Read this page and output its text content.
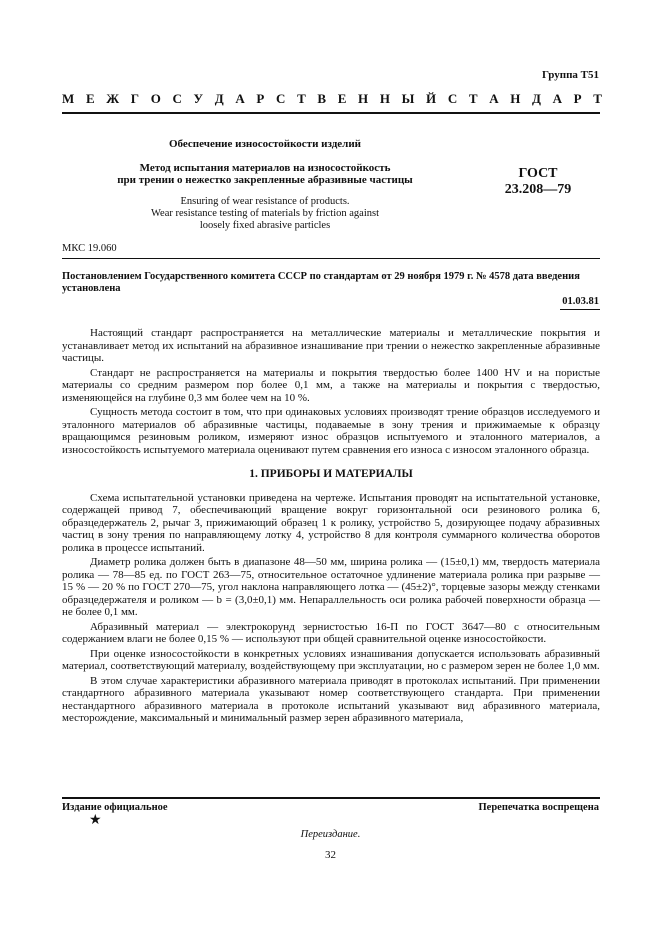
Группа Т51
М Е Ж Г О С У Д А Р С Т В Е Н Н Ы Й С Т А Н Д А Р Т
Обеспечение износостойкости изделий
Метод испытания материалов на износостойкость
при трении о нежестко закрепленные абразивные частицы
Ensuring of wear resistance of products.
Wear resistance testing of materials by friction against
loosely fixed abrasive particles
ГОСТ
23.208—79
МКС 19.060
Постановлением Государственного комитета СССР по стандартам от 29 ноября 1979 г. № 4578 дата введения установлена
01.03.81

Настоящий стандарт распространяется на металлические материалы и металлические покрытия и устанавливает метод их испытаний на абразивное изнашивание при трении о нежестко закрепленные абразивные частицы.

Стандарт не распространяется на материалы и покрытия твердостью более 1400 HV и на пористые материалы со средним размером пор более 0,1 мм, а также на материалы и покрытия с твердостью, изменяющейся на глубине 0,3 мм более чем на 10 %.

Сущность метода состоит в том, что при одинаковых условиях производят трение образцов исследуемого и эталонного материалов об абразивные частицы, подаваемые в зону трения и прижимаемые к образцу вращающимся резиновым роликом, измеряют износ образцов испытуемого и эталонного материалов, а износостойкость испытуемого материала оценивают путем сравнения его износа с износом эталонного образца.

1. ПРИБОРЫ И МАТЕРИАЛЫ

Схема испытательной установки приведена на чертеже. Испытания проводят на испытательной установке, содержащей привод 7, обеспечивающий вращение вокруг горизонтальной оси резинового ролика 6, образцедержатель 2, рычаг 3, прижимающий образец 1 к ролику, устройство 5, дозирующее подачу абразивных частиц в зону трения по направляющему лотку 4, устройство 8 для контроля суммарного количества оборотов ролика в процессе испытаний.

Диаметр ролика должен быть в диапазоне 48—50 мм, ширина ролика — (15±0,1) мм, твердость материала ролика — 78—85 ед. по ГОСТ 263—75, относительное остаточное удлинение материала ролика при разрыве — 15 % — 20 % по ГОСТ 270—75, угол наклона направляющего лотка — (45±2)°, торцевые зазоры между стенками образцедержателя и роликом — b = (3,0±0,1) мм. Непараллельность оси ролика рабочей поверхности образца — не более 0,1 мм.

Абразивный материал — электрокорунд зернистостью 16-П по ГОСТ 3647—80 с относительным содержанием влаги не более 0,15 % — используют при общей сравнительной оценке износостойкости.

При оценке износостойкости в конкретных условиях изнашивания допускается использовать абразивный материал, соответствующий материалу, воздействующему при эксплуатации, но с размером зерен не более 1,0 мм.

В этом случае характеристики абразивного материала приводят в протоколах испытаний. При применении стандартного абразивного материала указывают номер соответствующего стандарта. При применении нестандартного абразивного материала в протоколе испытаний указывают вид абразивного материала, месторождение, максимальный и минимальный размер зерен абразивного материала,

Издание официальное	Перепечатка воспрещена
★
Переиздание.
32
